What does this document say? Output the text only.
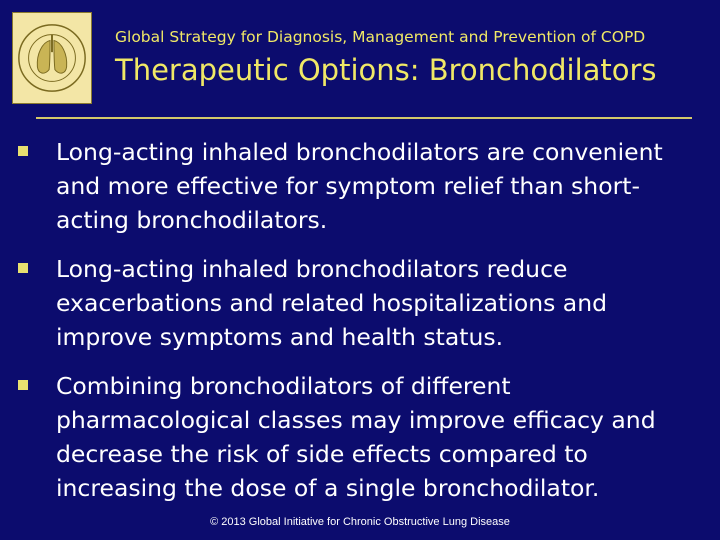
Global Strategy for Diagnosis, Management and Prevention of COPD
Therapeutic Options: Bronchodilators
Long-acting inhaled bronchodilators are convenient and more effective for symptom relief than short-acting bronchodilators.
Long-acting inhaled bronchodilators reduce exacerbations and related hospitalizations and improve symptoms and health status.
Combining bronchodilators of different pharmacological classes may improve efficacy and decrease the risk of side effects compared to increasing the dose of a single bronchodilator.
© 2013 Global Initiative for Chronic Obstructive Lung Disease
